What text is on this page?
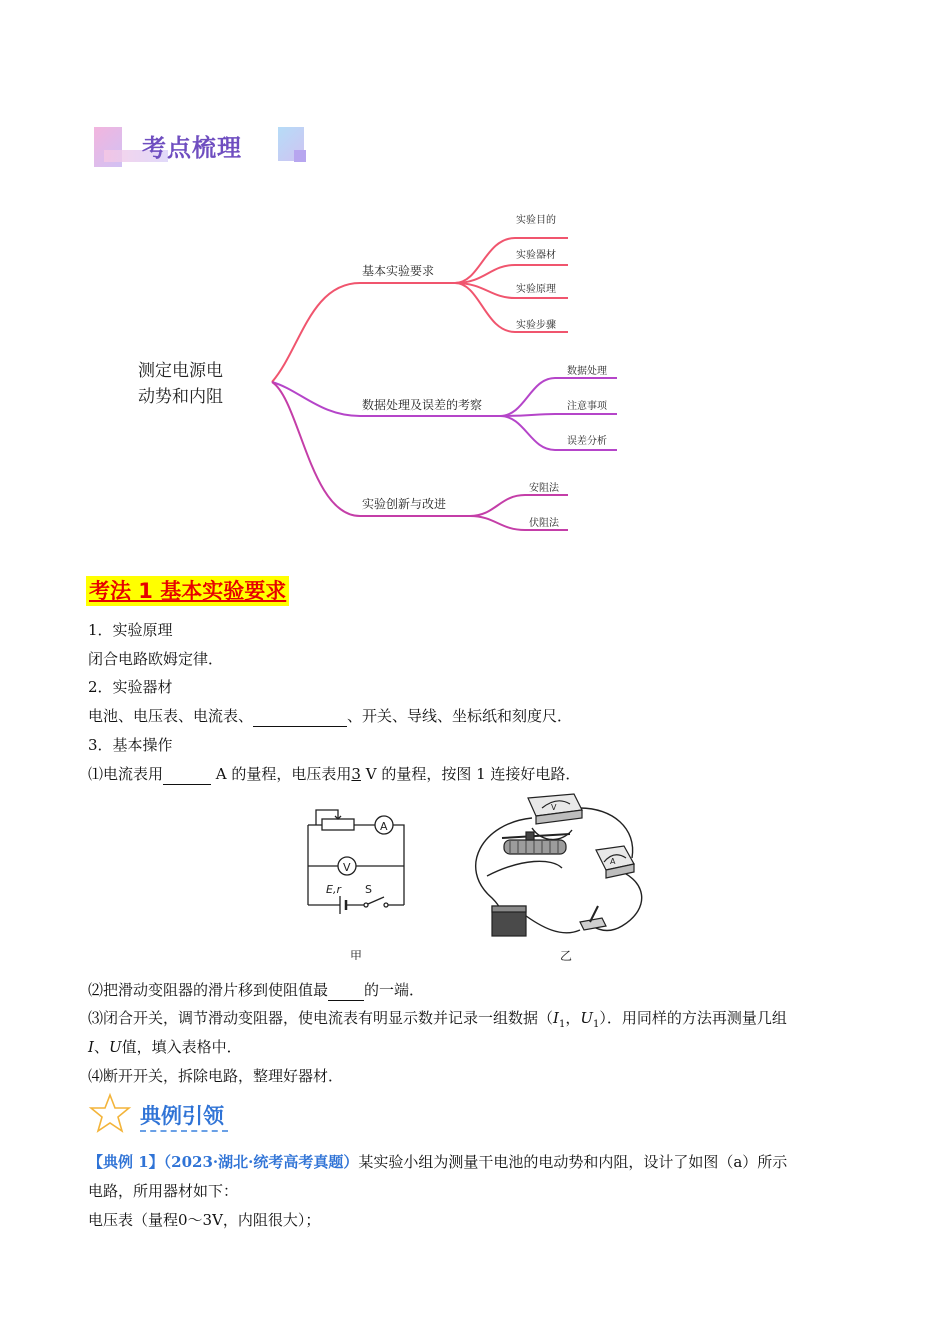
考点梳理
测定电源电
动势和内阻
基本实验要求
实验目的
实验器材
实验原理
实验步骤
数据处理及误差的考察
数据处理
注意事项
误差分析
实验创新与改进
安阻法
伏阻法
考法 1 基本实验要求
1．实验原理
闭合电路欧姆定律．
2．实验器材
电池、电压表、电流表、	、开关、导线、坐标纸和刻度尺．
3．基本操作
⑴电流表用	A 的量程，电压表用3 V 的量程，按图 1 连接好电路．
A
V
E,r S
甲
V
A
乙
⑵把滑动变阻器的滑片移到使阻值最 的一端．
⑶闭合开关，调节滑动变阻器，使电流表有明显示数并记录一组数据（$I_1$，$U_1$）．用同样的方法再测量几组
I、U值，填入表格中．
⑷断开开关，拆除电路，整理好器材．
典例引领
【典例 1】（2023·湖北·统考高考真题）某实验小组为测量干电池的电动势和内阻，设计了如图（a）所示
电路，所用器材如下：
电压表（量程0～3V，内阻很大）；
